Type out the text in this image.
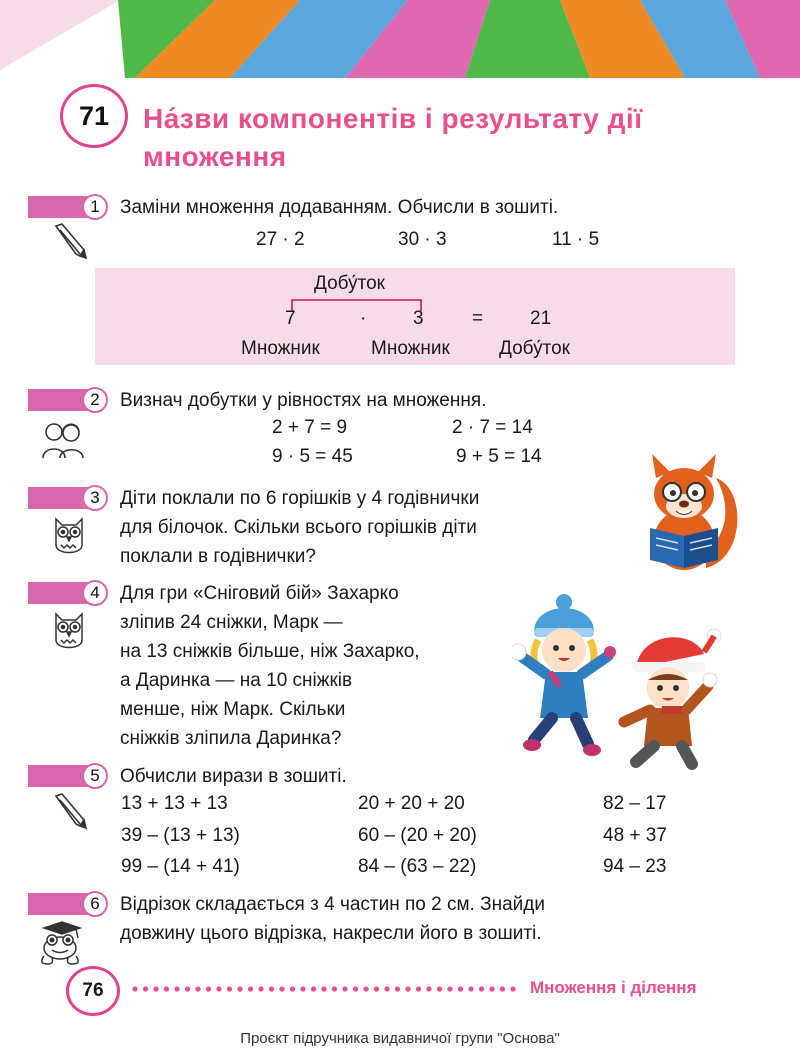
71	На́зви компонентів і результату дії
множення
1	Заміни множення додаванням. Обчисли в зошиті.
27 · 2	30 · 3	11 · 5
Добу́ток
7	· 3	= 21
Множник	Множник	Добу́ток
2	Визнач добутки у рівностях на множення.
2 + 7 = 9	2 · 7 = 14
9 · 5 = 45	9 + 5 = 14
3	Діти поклали по 6 горішків у 4 годівнички
для білочок. Скільки всього горішків діти
поклали в годівнички?
4	Для гри «Сніговий бій» Захарко
зліпив 24 сніжки, Марк —
на 13 сніжків більше, ніж Захарко,
а Даринка — на 10 сніжків
менше, ніж Марк. Скільки
сніжків зліпила Даринка?
5	Обчисли вирази в зошиті.
13 + 13 + 13	20 + 20 + 20	82 – 17
39 – (13 + 13)	60 – (20 + 20)	48 + 37
99 – (14 + 41)	84 – (63 – 22)	94 – 23
6	Відрізок складається з 4 частин по 2 см. Знайди
довжину цього відрізка, накресли його в зошиті.
76	Множення і ділення
Проєкт підручника видавничої групи "Основа"
